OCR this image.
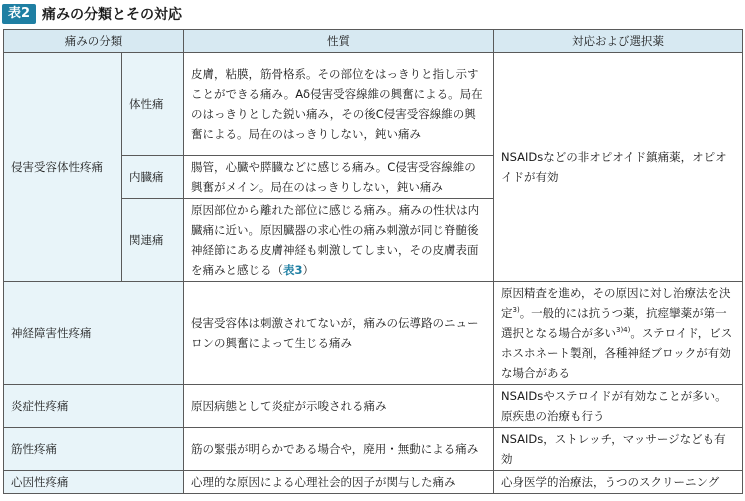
表2 痛みの分類とその対応
痛みの分類		性質	対応および選択薬
侵害受容体性疼痛	体性痛	皮膚，粘膜，筋骨格系。その部位をはっきりと指し示すことができる痛み。Aδ侵害受容線維の興奮による。局在のはっきりとした鋭い痛み，その後C侵害受容線維の興奮による。局在のはっきりしない，鈍い痛み	NSAIDsなどの非オピオイド鎮痛薬，オピオイドが有効
	内臓痛	腸管，心臓や膵臓などに感じる痛み。C侵害受容線維の興奮がメイン。局在のはっきりしない，鈍い痛み	
	関連痛	原因部位から離れた部位に感じる痛み。痛みの性状は内臓痛に近い。原因臓器の求心性の痛み刺激が同じ脊髄後神経節にある皮膚神経も刺激してしまい，その皮膚表面を痛みと感じる（表3）	
神経障害性疼痛		侵害受容体は刺激されてないが，痛みの伝導路のニューロンの興奮によって生じる痛み	原因精査を進め，その原因に対し治療法を決定$^{3)}$。一般的には抗うつ薬，抗痙攣薬が第一選択となる場合が多い$^{3)4)}$。ステロイド，ビスホスホネート製剤，各種神経ブロックが有効な場合がある
炎症性疼痛		原因病態として炎症が示唆される痛み	NSAIDsやステロイドが有効なことが多い。原疾患の治療も行う
筋性疼痛		筋の緊張が明らかである場合や，廃用・無動による痛み	NSAIDs，ストレッチ，マッサージなども有効
心因性疼痛		心理的な原因による心理社会的因子が関与した痛み	心身医学的治療法，うつのスクリーニング
